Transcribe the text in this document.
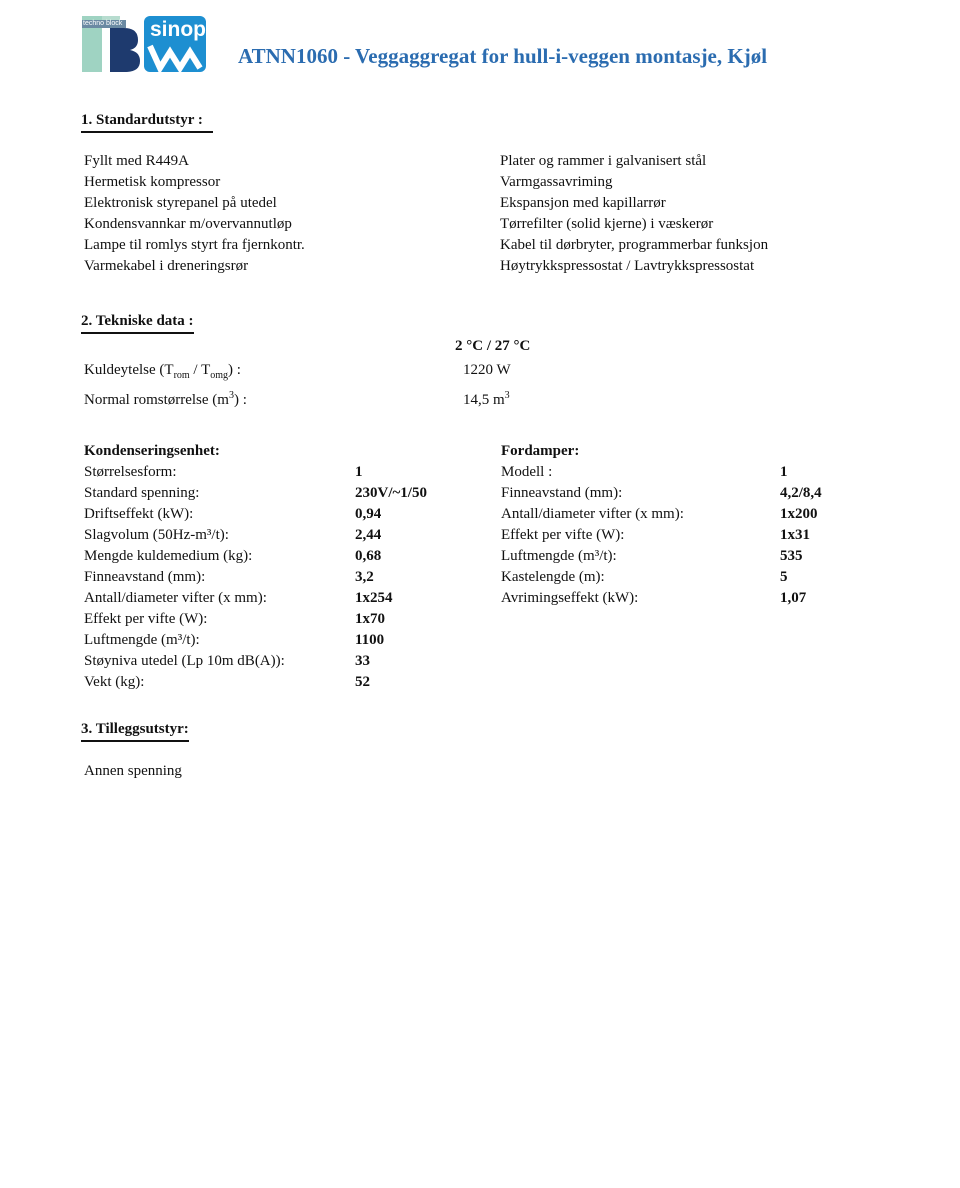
techno block sinop
ATNN1060 - Veggaggregat for hull-i-veggen montasje, Kjøl
1. Standardutstyr :
Fyllt med R449A
Hermetisk kompressor
Elektronisk styrepanel på utedel
Kondensvannkar m/overvannutløp
Lampe til romlys styrt fra fjernkontr.
Varmekabel i dreneringsrør
Plater og rammer i galvanisert stål
Varmgassavriming
Ekspansjon med kapillarrør
Tørrefilter (solid kjerne) i væskerør
Kabel til dørbryter, programmerbar funksjon
Høytrykkspressostat / Lavtrykkspressostat
2. Tekniske data :
2 °C / 27 °C
Kuldeytelse $(T_{rom} / T_{omg})$ :	1220 W
Normal romstørrelse $(m^3)$ :	14,5 $m^3$
Kondenseringsenhet:
Størrelsesform:
Standard spenning:
Driftseffekt (kW):
Slagvolum (50Hz-m³/t):
Mengde kuldemedium (kg):
Finneavstand (mm):
Antall/diameter vifter (x mm):
Effekt per vifte (W):
Luftmengde (m³/t):
Støyniva utedel (Lp 10m dB(A)):
Vekt (kg):
1
230V/~1/50
0,94
2,44
0,68
3,2
1x254
1x70
1100
33
52
Fordamper:
Modell :
Finneavstand (mm):
Antall/diameter vifter (x mm):
Effekt per vifte (W):
Luftmengde (m³/t):
Kastelengde (m):
Avrimingseffekt (kW):
1
4,2/8,4
1x200
1x31
535
5
1,07
3. Tilleggsutstyr:
Annen spenning
